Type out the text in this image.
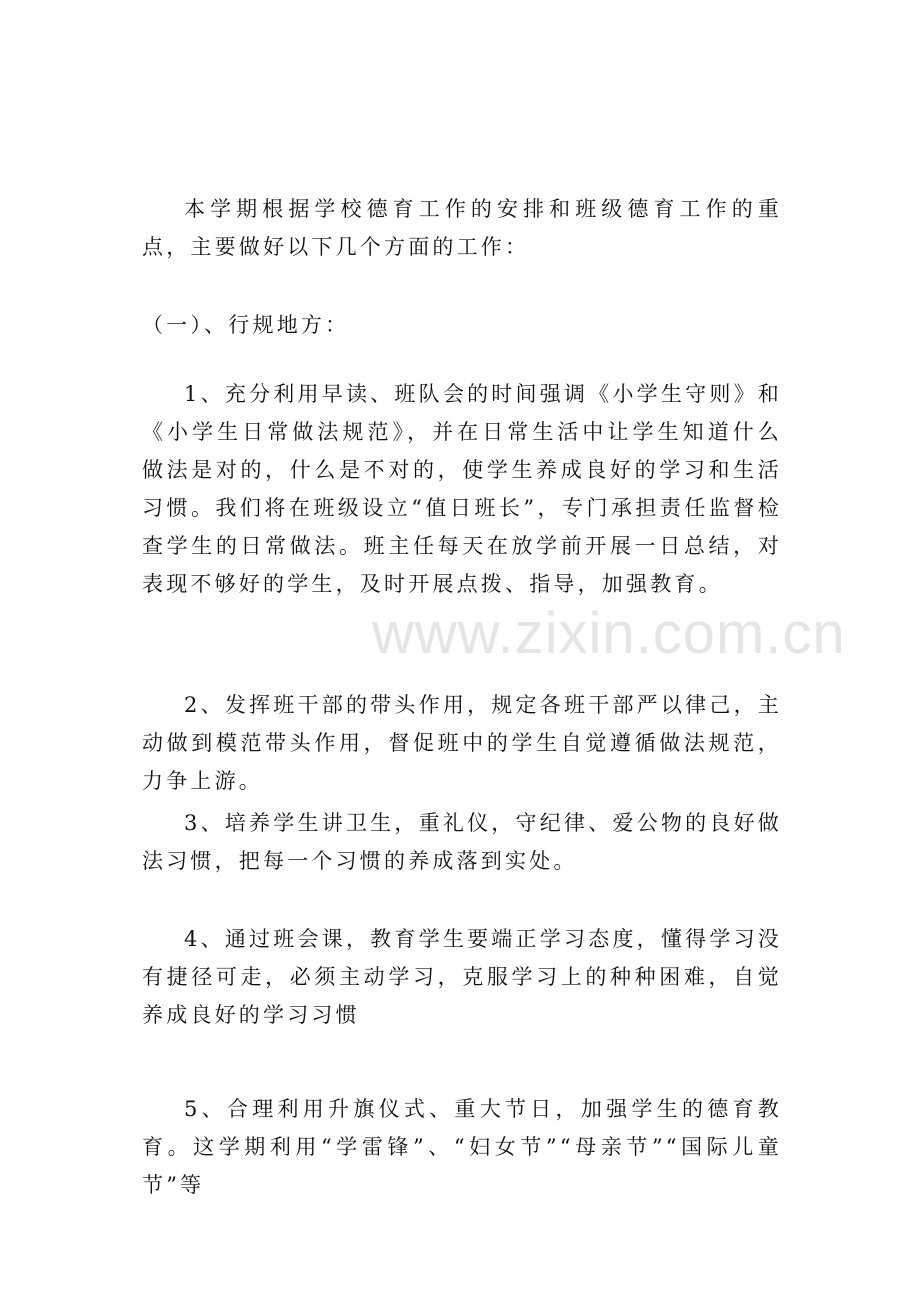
本学期根据学校德育工作的安排和班级德育工作的重点，主要做好以下几个方面的工作：

（一）、行规地方：

1、充分利用早读、班队会的时间强调《小学生守则》和《小学生日常做法规范》，并在日常生活中让学生知道什么做法是对的，什么是不对的，使学生养成良好的学习和生活习惯。我们将在班级设立“值日班长”，专门承担责任监督检查学生的日常做法。班主任每天在放学前开展一日总结，对表现不够好的学生，及时开展点拨、指导，加强教育。

2、发挥班干部的带头作用，规定各班干部严以律己，主动做到模范带头作用，督促班中的学生自觉遵循做法规范，力争上游。

3、培养学生讲卫生，重礼仪，守纪律、爱公物的良好做法习惯，把每一个习惯的养成落到实处。

4、通过班会课，教育学生要端正学习态度，懂得学习没有捷径可走，必须主动学习，克服学习上的种种困难，自觉养成良好的学习习惯

5、合理利用升旗仪式、重大节日，加强学生的德育教育。这学期利用“学雷锋”、“妇女节”“母亲节”“国际儿童节”等

www.zixin.com.cn
